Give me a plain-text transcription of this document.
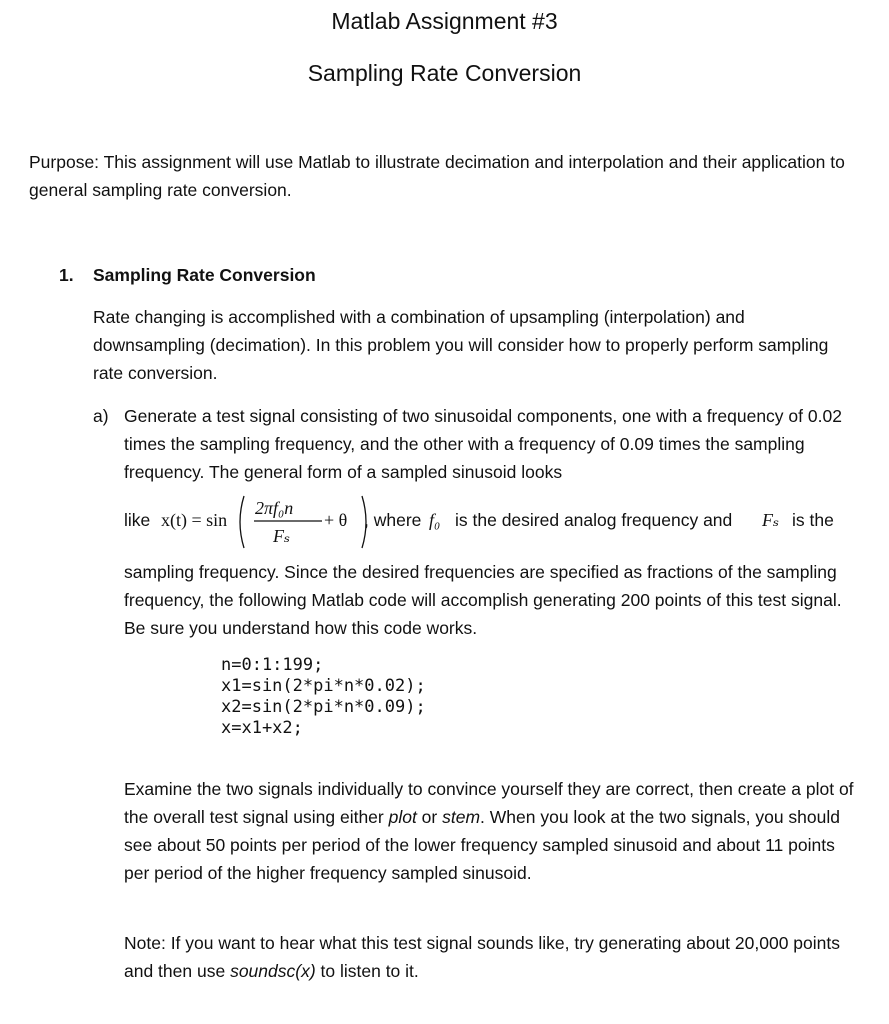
Matlab Assignment #3
Sampling Rate Conversion
Purpose: This assignment will use Matlab to illustrate decimation and interpolation and their application to general sampling rate conversion.
1. Sampling Rate Conversion
Rate changing is accomplished with a combination of upsampling (interpolation) and downsampling (decimation). In this problem you will consider how to properly perform sampling rate conversion.
a) Generate a test signal consisting of two sinusoidal components, one with a frequency of 0.02 times the sampling frequency, and the other with a frequency of 0.09 times the sampling frequency. The general form of a sampled sinusoid looks
like x(t) = sin
2πf₀n
Fₛ
+ θ , where f₀ is the desired analog frequency and Fₛ is the
sampling frequency. Since the desired frequencies are specified as fractions of the sampling frequency, the following Matlab code will accomplish generating 200 points of this test signal. Be sure you understand how this code works.
n=0:1:199;
x1=sin(2*pi*n*0.02);
x2=sin(2*pi*n*0.09);
x=x1+x2;
Examine the two signals individually to convince yourself they are correct, then create a plot of the overall test signal using either plot or stem. When you look at the two signals, you should see about 50 points per period of the lower frequency sampled sinusoid and about 11 points per period of the higher frequency sampled sinusoid.
Note: If you want to hear what this test signal sounds like, try generating about 20,000 points and then use soundsc(x) to listen to it.
